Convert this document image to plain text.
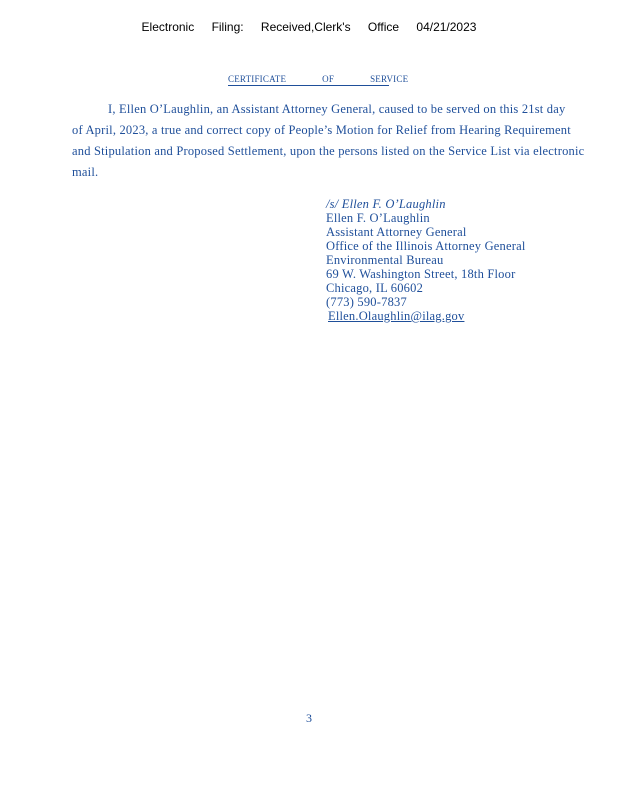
Electronic Filing: Received,Clerk's Office 04/21/2023
CERTIFICATE	OF	SERVICE
I, Ellen O’Laughlin, an Assistant Attorney General, caused to be served on this 21st day
of April, 2023, a true and correct copy of People’s Motion for Relief from Hearing Requirement
and Stipulation and Proposed Settlement, upon the persons listed on the Service List via electronic
mail.
/s/ Ellen F. O’Laughlin
Ellen F. O’Laughlin
Assistant Attorney General
Office of the Illinois Attorney General
Environmental Bureau
69 W. Washington Street, 18th Floor
Chicago, IL 60602
(773) 590-7837
Ellen.Olaughlin@ilag.gov
3
